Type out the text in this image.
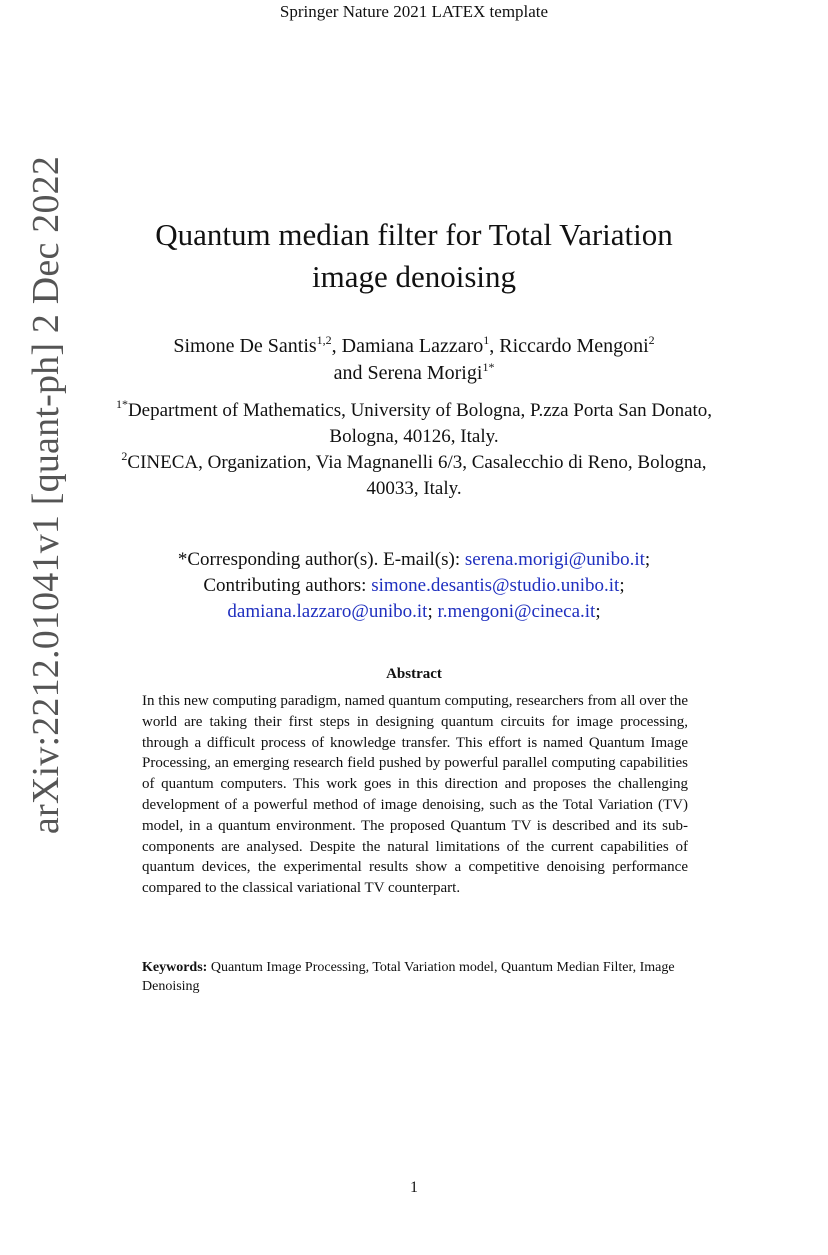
Springer Nature 2021 LATEX template
arXiv:2212.01041v1 [quant-ph] 2 Dec 2022	Quantum median filter for Total Variation
image denoising
Simone De Santis$^{1,2}$, Damiana Lazzaro$^1$, Riccardo Mengoni$^2$
and Serena Morigi$^{1*}$
$^{1*}$Department of Mathematics, University of Bologna, P.zza Porta San Donato, Bologna, 40126, Italy.
$^2$CINECA, Organization, Via Magnanelli 6/3, Casalecchio di Reno, Bologna, 40033, Italy.
*Corresponding author(s). E-mail(s): serena.morigi@unibo.it;
Contributing authors: simone.desantis@studio.unibo.it;
damiana.lazzaro@unibo.it; r.mengoni@cineca.it;
Abstract
In this new computing paradigm, named quantum computing, researchers from all over the world are taking their first steps in designing quantum circuits for image processing, through a difficult process of knowledge transfer. This effort is named Quantum Image Processing, an emerging research field pushed by powerful parallel computing capabilities of quantum computers. This work goes in this direction and proposes the challenging development of a powerful method of image denoising, such as the Total Variation (TV) model, in a quantum environment. The proposed Quantum TV is described and its sub-components are analysed. Despite the natural limitations of the current capabilities of quantum devices, the experimental results show a competitive denoising performance compared to the classical variational TV counterpart.
Keywords: Quantum Image Processing, Total Variation model, Quantum Median Filter, Image Denoising
1
